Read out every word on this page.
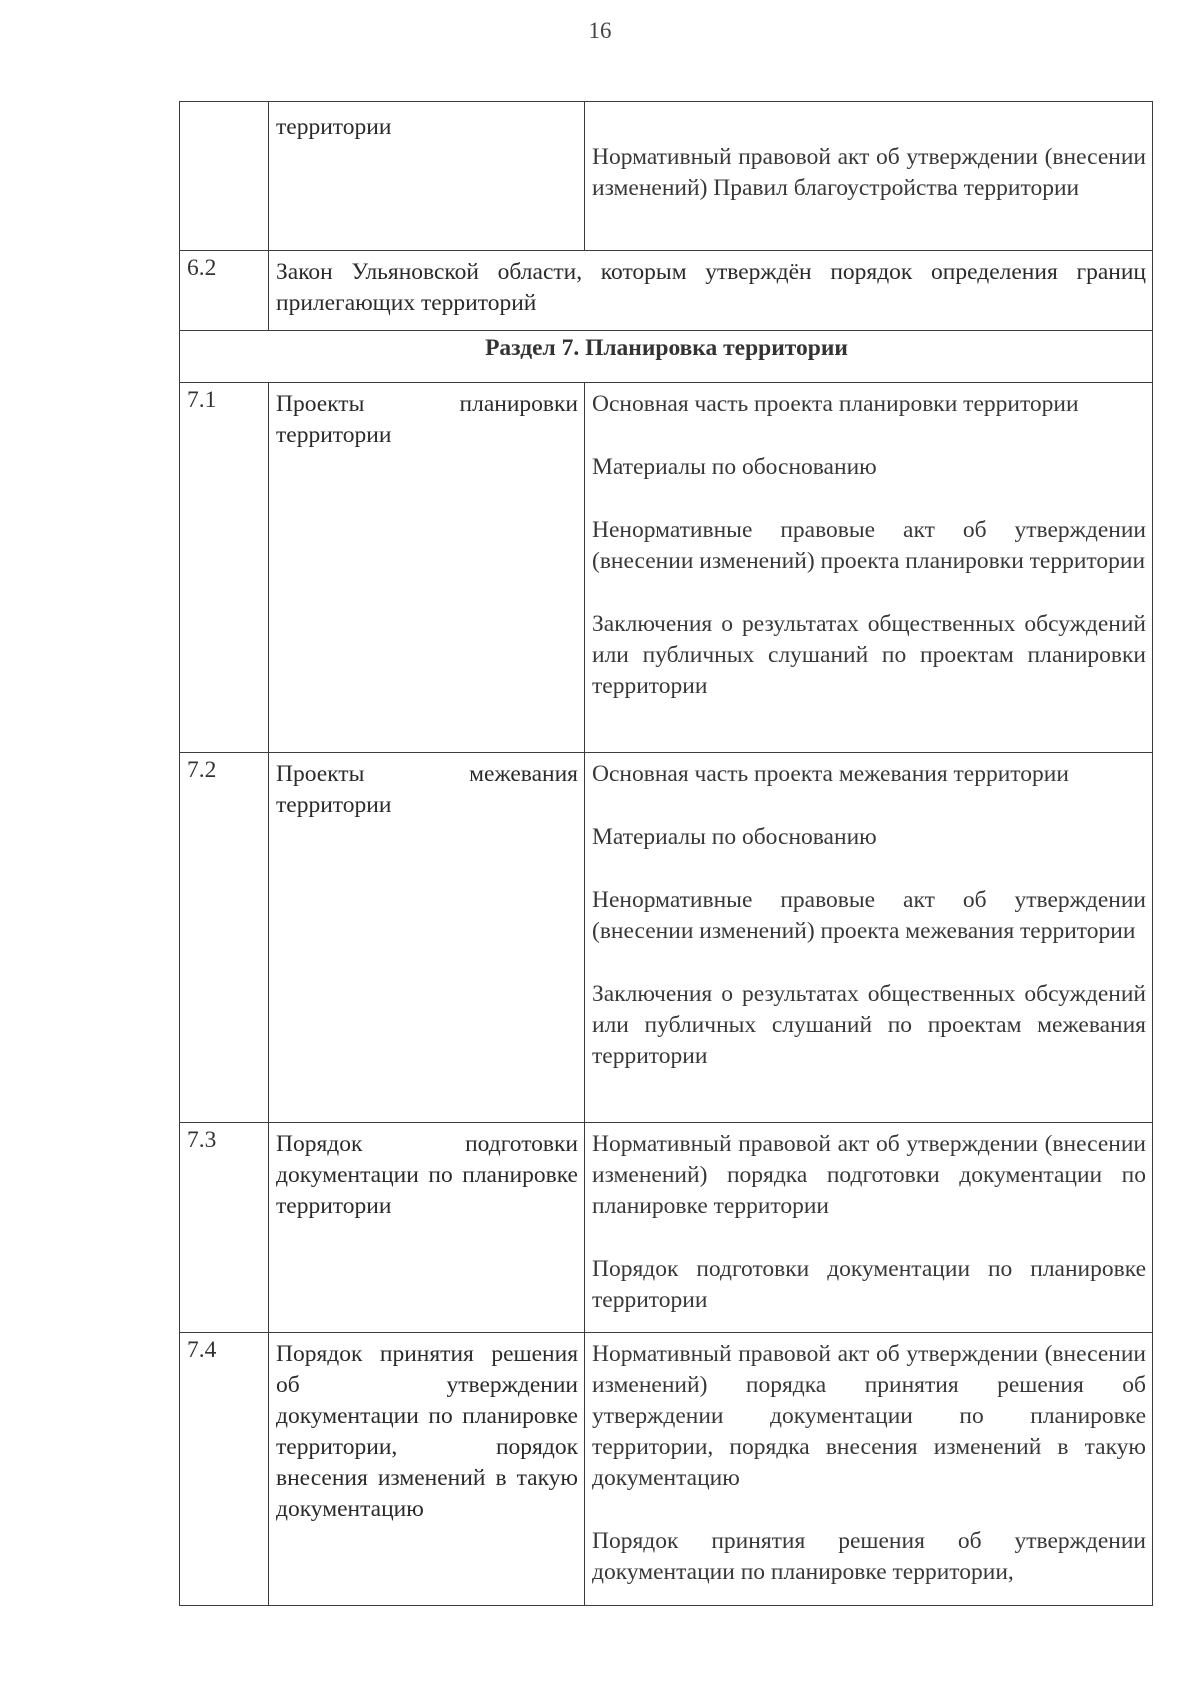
16
	территории	Нормативный правовой акт об утверждении (внесении изменений) Правил благоустройства территории

6.2	Закон Ульяновской области, которым утверждён порядок определения границ прилегающих территорий	
Раздел 7. Планировка территории		
7.1	Проекты планировки территории	Основная часть проекта планировки территории
Материалы по обоснованию
Ненормативные правовые акт об утверждении (внесении изменений) проекта планировки территории
Заключения о результатах общественных обсуждений или публичных слушаний по проектам планировки территории

7.2	Проекты межевания территории	Основная часть проекта межевания территории
Материалы по обоснованию
Ненормативные правовые акт об утверждении (внесении изменений) проекта межевания территории
Заключения о результатах общественных обсуждений или публичных слушаний по проектам межевания территории

7.3	Порядок подготовки документации по планировке территории	Нормативный правовой акт об утверждении (внесении изменений) порядка подготовки документации по планировке территории
Порядок подготовки документации по планировке территории

7.4	Порядок принятия решения об утверждении документации по планировке территории, порядок внесения изменений в такую документацию	Нормативный правовой акт об утверждении (внесении изменений) порядка принятия решения об утверждении документации по планировке территории, порядка внесения изменений в такую документацию
Порядок принятия решения об утверждении документации по планировке территории,
